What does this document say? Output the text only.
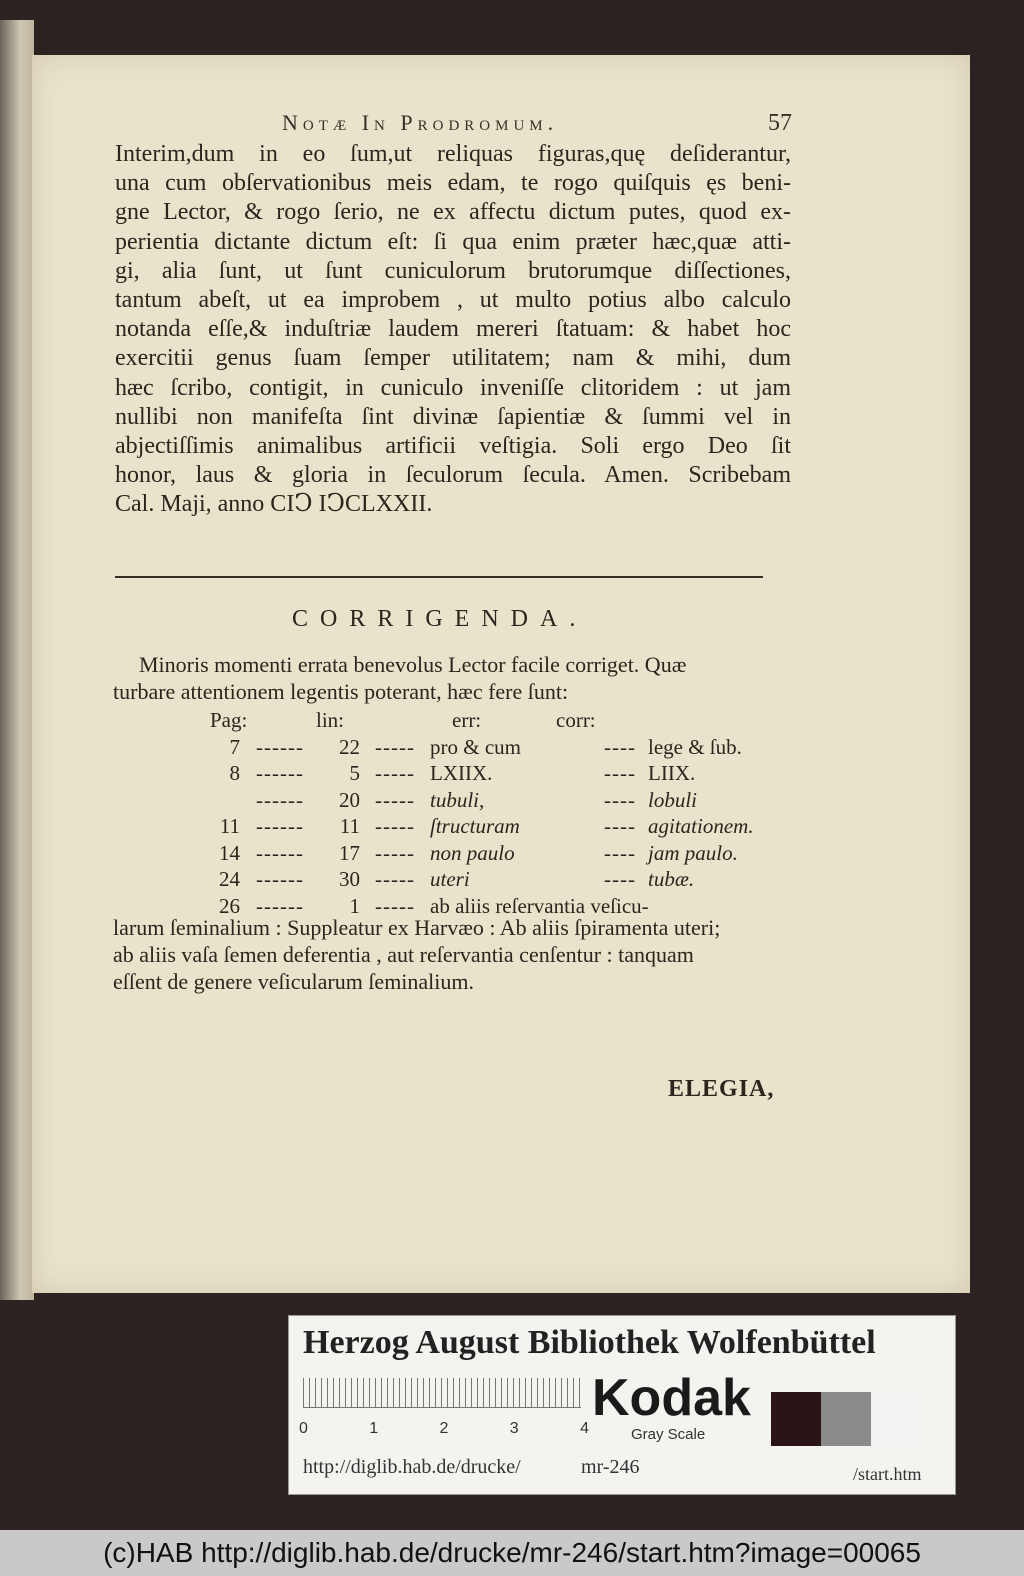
Notæ In Prodromum.	57
Interim,dum in eo ſum,ut reliquas figuras,quę deſiderantur,
una cum obſervationibus meis edam, te rogo quiſquis ęs beni-
gne Lector, & rogo ſerio, ne ex affectu dictum putes, quod ex-
perientia dictante dictum eſt: ſi qua enim præter hæc,quæ atti-
gi, alia ſunt, ut ſunt cuniculorum brutorumque diſſectiones,
tantum abeſt, ut ea improbem , ut multo potius albo calculo
notanda eſſe,& induſtriæ laudem mereri ſtatuam: & habet hoc
exercitii genus ſuam ſemper utilitatem; nam & mihi, dum
hæc ſcribo, contigit, in cuniculo inveniſſe clitoridem : ut jam
nullibi non manifeſta ſint divinæ ſapientiæ & ſummi vel in
abjectiſſimis animalibus artificii veſtigia. Soli ergo Deo ſit
honor, laus & gloria in ſeculorum ſecula. Amen. Scribebam
Cal. Maji, anno CIↃ IↃCLXXII.
CORRIGENDA.
Minoris momenti errata benevolus Lector facile corriget. Quæ
turbare attentionem legentis poterant, hæc fere ſunt:
Pag:	lin:	err:	corr:
7 ------	22 ----- pro & cum	---- lege & ſub.
8 ------	5 ----- LXIIX.	---- LIIX.
------	20 ----- tubuli,	---- lobuli
11 ------	11 ----- ſtructuram	---- agitationem.
14 ------	17 ----- non paulo	---- jam paulo.
24 ------	30 ----- uteri	---- tubæ.
26 ------	1 ----- ab aliis reſervantia veſicu-
larum ſeminalium : Suppleatur ex Harvæo : Ab aliis ſpiramenta uteri;
ab aliis vaſa ſemen deferentia , aut reſervantia cenſentur : tanquam
eſſent de genere veſicularum ſeminalium.
ELEGIA,
Herzog August Bibliothek Wolfenbüttel
0	1	2	3	4
Kodak
Gray Scale
http://diglib.hab.de/drucke/	mr-246	/start.htm
(c)HAB http://diglib.hab.de/drucke/mr-246/start.htm?image=00065
